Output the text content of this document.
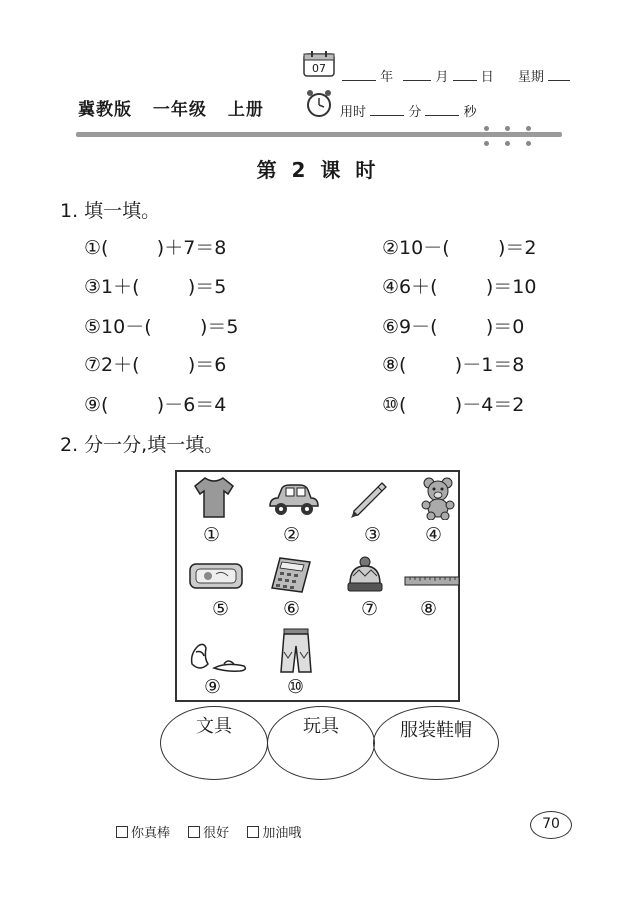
07
年	月 日 星期
冀教版 一年级 上册	用时	分	秒
第 2 课 时
1. 填一填。
①(        )＋7＝8	②10－(        )＝2
③1＋(        )＝5	④6＋(        )＝10
⑤10－(        )＝5	⑥9－(        )＝0
⑦2＋(        )＝6	⑧(        )－1＝8
⑨(        )－6＝4	⑩(        )－4＝2
2. 分一分,填一填。
①	②	③ ④
⑤	⑥	⑦ ⑧
⑨	⑩
文具	玩具	服装鞋帽
你真棒	很好	加油哦
70
